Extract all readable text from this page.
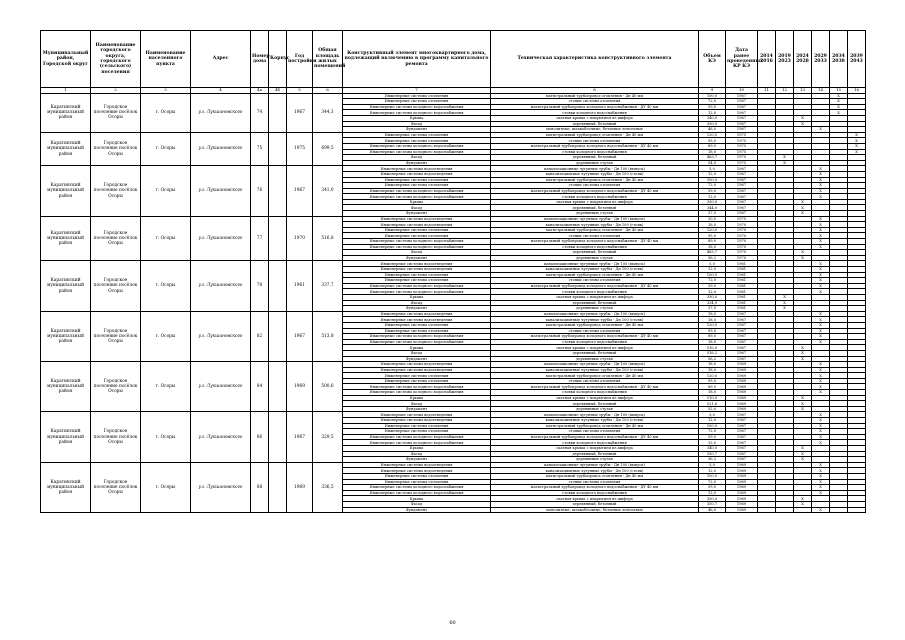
Муниципальный район, Городской округ	Наименование городского округа, городского (сельского) поселения	Наименование населенного пункта	Адрес	Номер дома	Корпус	Год постройки	Общая площадь жилых помещений	Конструктивный элемент многоквартирного дома, подлежащий включению в программу капитального ремонта	Техническая характеристика конструктивного элемента	Объем КЭ	Дата ранее проведенных КР КЭ	2014 2016	2019 2023	2024 2028	2029 2033	2034 2038	2039 2043
1	2	3	4	4а	4б	5	6	7	8	9	10	11	12	13	14	15	16
Каратинский муниципальный район	Городское поселение посёлок Осоры	г. Осоры	ул. Лукшиновского	74		1967	344,3	Инженерные системы отопления	магистральный трубопровод отопления - Дн 40 мм	100,0	1967					X	
								Инженерные системы отопления	стояки системы отопления	72,0	1967					X	
								Инженерные системы холодного водоснабжения	магистральный трубопровод холодного водоснабжения - ДУ 40 мм	59,0	1967					X	
								Инженерные системы холодного водоснабжения	стояки холодного водоснабжения	12,0	1967					X	
								Крыша	скатная крыша с покрытием из шифера	340,0	1967			X			
								Фасад	деревянный, бетонный	350,0	1967			X			
								Фундамент	монолитные, шлакоблочные, бетонные ленточные	46,0	1967				X		
Каратинский муниципальный район	Городское поселение посёлок Осоры	г. Осоры	ул. Лукшиновского	75		1975	699,5	Инженерные системы отопления	магистральный трубопровод отопления - Дн 40 мм	120,0	1975						X
								Инженерные системы отопления	стояки системы отопления	95,0	1975						X
								Инженерные системы холодного водоснабжения	магистральный трубопровод холодного водоснабжения - ДУ 40 мм	89,0	1975						X
								Инженерные системы холодного водоснабжения	стояки холодного водоснабжения	18,0	1975						X
								Фасад	деревянный, бетонный	463,7	1975		X				
								Фундамент	деревянные стулья	54,0	1975		X				
Каратинский муниципальный район	Городское поселение посёлок Осоры	г. Осоры	ул. Лукшиновского	76		1967	341,0	Инженерные системы водоотведения	канализационные чугунные трубы - Дн 100 (выпуск)	5,0	1967				X		
								Инженерные системы водоотведения	канализационные чугунные трубы - Дн 100 (стояк)	12,0	1967				X		
								Инженерные системы отопления	магистральный трубопровод отопления - Дн 40 мм	100,0	1967				X		
								Инженерные системы отопления	стояки системы отопления	72,0	1967				X		
								Инженерные системы холодного водоснабжения	магистральный трубопровод холодного водоснабжения - ДУ 40 мм	59,0	1967				X		
								Инженерные системы холодного водоснабжения	стояки холодного водоснабжения	12,0	1967				X		
								Крыша	скатная крыша с покрытием из шифера	350,0	1967			X			
								Фасад	деревянный, бетонный	344,0	1967			X			
								Фундамент	деревянные стулья	37,5	1967			X			
Каратинский муниципальный район	Городское поселение посёлок Осоры	г. Осоры	ул. Лукшиновского	77		1970	516,8	Инженерные системы водоотведения	канализационные чугунные трубы - Дн 100 (выпуск)	20,0	1970				X		
								Инженерные системы водоотведения	канализационные чугунные трубы - Дн 100 (стояк)	18,0	1970				X		
								Инженерные системы отопления	магистральный трубопровод отопления - Дн 40 мм	120,0	1970				X		
								Инженерные системы отопления	стояки системы отопления	95,0	1970				X		
								Инженерные системы холодного водоснабжения	магистральный трубопровод холодного водоснабжения - ДУ 40 мм	89,0	1970				X		
								Инженерные системы холодного водоснабжения	стояки холодного водоснабжения	18,0	1970				X		
								Фасад	деревянный, бетонный	463,7	1970			X			
								Фундамент	деревянные стулья	56,2	1970			X			
Каратинский муниципальный район	Городское поселение посёлок Осоры	г. Осоры	ул. Лукшиновского	78		1961	337,7	Инженерные системы водоотведения	канализационные чугунные трубы - Дн 100 (выпуск)	5,0	1961				X		
								Инженерные системы водоотведения	канализационные чугунные трубы - Дн 100 (стояк)	12,0	1961				X		
								Инженерные системы отопления	магистральный трубопровод отопления - Дн 40 мм	100,0	1961				X		
								Инженерные системы отопления	стояки системы отопления	72,0	1961				X		
								Инженерные системы холодного водоснабжения	магистральный трубопровод холодного водоснабжения - ДУ 40 мм	59,0	1961				X		
								Инженерные системы холодного водоснабжения	стояки холодного водоснабжения	12,0	1961				X		
								Крыша	скатная крыша с покрытием из шифера	350,0	1961		X				
								Фасад	деревянный, бетонный	334,9	1961		X				
								Фундамент	деревянные стулья	37,5	1961		X				
Каратинский муниципальный район	Городское поселение посёлок Осоры	г. Осоры	ул. Лукшиновского	82		1967	513,8	Инженерные системы водоотведения	канализационные чугунные трубы - Дн 100 (выпуск)	18,0	1967				X		
								Инженерные системы водоотведения	канализационные чугунные трубы - Дн 100 (стояк)	18,0	1967				X		
								Инженерные системы отопления	магистральный трубопровод отопления - Дн 40 мм	120,0	1967				X		
								Инженерные системы отопления	стояки системы отопления	95,0	1967				X		
								Инженерные системы холодного водоснабжения	магистральный трубопровод холодного водоснабжения - ДУ 40 мм	89,0	1967				X		
								Инженерные системы холодного водоснабжения	стояки холодного водоснабжения	18,0	1967				X		
								Крыша	скатная крыша с покрытием из шифера	510,0	1967			X			
								Фасад	деревянный, бетонный	516,2	1967			X			
								Фундамент	деревянные стулья	56,2	1967			X			
Каратинский муниципальный район	Городское поселение посёлок Осоры	г. Осоры	ул. Лукшиновского	84		1969	500,6	Инженерные системы водоотведения	канализационные чугунные трубы - Дн 100 (выпуск)	18,0	1969				X		
								Инженерные системы водоотведения	канализационные чугунные трубы - Дн 100 (стояк)	18,0	1969				X		
								Инженерные системы отопления	магистральный трубопровод отопления - Дн 40 мм	120,0	1969				X		
								Инженерные системы отопления	стояки системы отопления	95,0	1969				X		
								Инженерные системы холодного водоснабжения	магистральный трубопровод холодного водоснабжения - ДУ 40 мм	89,0	1969				X		
								Инженерные системы холодного водоснабжения	стояки холодного водоснабжения	18,0	1969				X		
								Крыша	скатная крыша с покрытием из шифера	510,0	1969			X			
								Фасад	деревянный, бетонный	521,6	1969			X			
								Фундамент	деревянные стулья	52,0	1969			X			
Каратинский муниципальный район	Городское поселение посёлок Осоры	г. Осоры	ул. Лукшиновского	86		1967	329,5	Инженерные системы водоотведения	канализационные чугунные трубы - Дн 100 (выпуск)	5,0	1967				X		
								Инженерные системы водоотведения	канализационные чугунные трубы - Дн 100 (стояк)	12,0	1967				X		
								Инженерные системы отопления	магистральный трубопровод отопления - Дн 40 мм	100,0	1967				X		
								Инженерные системы отопления	стояки системы отопления	72,0	1967				X		
								Инженерные системы холодного водоснабжения	магистральный трубопровод холодного водоснабжения - ДУ 40 мм	59,0	1967				X		
								Инженерные системы холодного водоснабжения	стояки холодного водоснабжения	12,0	1967				X		
								Крыша	скатная крыша с покрытием из шифера	340,0	1967			X			
								Фасад	деревянный, бетонный	350,7	1967			X			
								Фундамент	деревянные стулья	36,2	1967			X			
Каратинский муниципальный район	Городское поселение посёлок Осоры	г. Осоры	ул. Лукшиновского	88		1969	336,5	Инженерные системы водоотведения	канализационные чугунные трубы - Дн 100 (выпуск)	5,0	1969				X		
								Инженерные системы водоотведения	канализационные чугунные трубы - Дн 100 (стояк)	12,0	1969				X		
								Инженерные системы отопления	магистральный трубопровод отопления - Дн 40 мм	100,0	1969				X		
								Инженерные системы отопления	стояки системы отопления	72,0	1969				X		
								Инженерные системы холодного водоснабжения	магистральный трубопровод холодного водоснабжения - ДУ 40 мм	59,0	1969				X		
								Инженерные системы холодного водоснабжения	стояки холодного водоснабжения	12,0	1969				X		
								Крыша	скатная крыша с покрытием из шифера	350,0	1969			X			
								Фасад	деревянный, бетонный	350,7	1969			X			
								Фундамент	монолитные, шлакоблочные, бетонные ленточные	46,0	1969				X		
60
